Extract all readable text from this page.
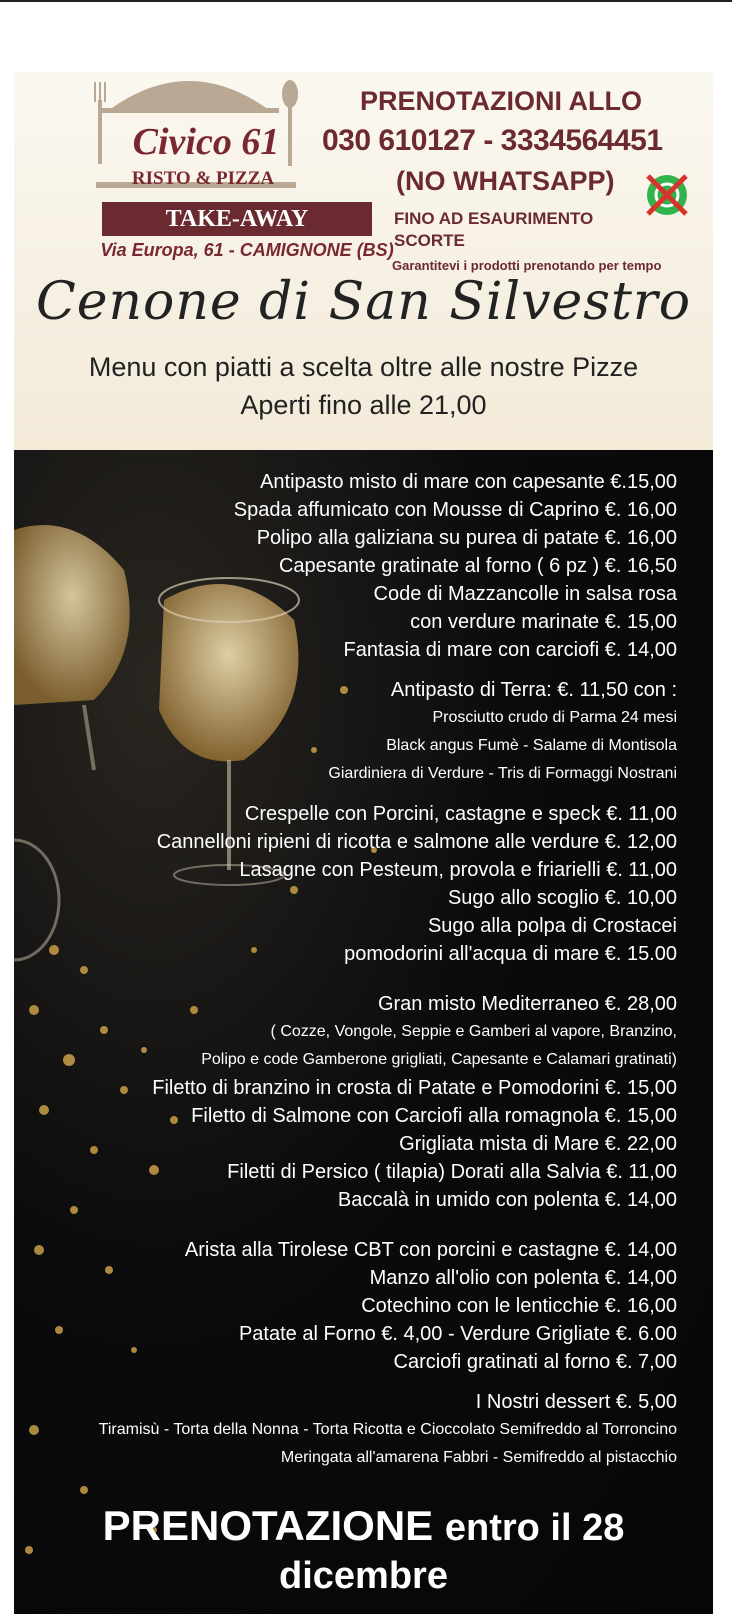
Civico 61
RISTO & PIZZA
TAKE-AWAY
Via Europa, 61 - CAMIGNONE (BS)
PRENOTAZIONI ALLO
030 610127 - 3334564451
(NO WHATSAPP)
FINO AD ESAURIMENTO SCORTE
Garantitevi i prodotti prenotando per tempo
Cenone di San Silvestro
Menu con piatti a scelta oltre alle nostre Pizze
Aperti fino alle 21,00
Antipasto misto di mare con capesante €.15,00
Spada affumicato con Mousse di Caprino €. 16,00
Polipo alla galiziana su purea di patate €. 16,00
Capesante gratinate al forno ( 6 pz ) €. 16,50
Code di Mazzancolle in salsa rosa
con verdure marinate €. 15,00
Fantasia di mare con carciofi €. 14,00
Antipasto di Terra: €. 11,50 con :
Prosciutto crudo di Parma 24 mesi
Black angus Fumè - Salame di Montisola
Giardiniera di Verdure - Tris di Formaggi Nostrani
Crespelle con Porcini, castagne e speck €. 11,00
Cannelloni ripieni di ricotta e salmone alle verdure €. 12,00
Lasagne con Pesteum, provola e friarielli €. 11,00
Sugo allo scoglio €. 10,00
Sugo alla polpa di Crostacei
pomodorini all'acqua di mare €. 15.00
Gran misto Mediterraneo €. 28,00
( Cozze, Vongole, Seppie e Gamberi al vapore, Branzino,
Polipo e code Gamberone grigliati, Capesante e Calamari gratinati)
Filetto di branzino in crosta di Patate e Pomodorini €. 15,00
Filetto di Salmone con Carciofi alla romagnola €. 15,00
Grigliata mista di Mare €. 22,00
Filetti di Persico ( tilapia) Dorati alla Salvia €. 11,00
Baccalà in umido con polenta €. 14,00
Arista alla Tirolese CBT con porcini e castagne €. 14,00
Manzo all'olio con polenta €. 14,00
Cotechino con le lenticchie €. 16,00
Patate al Forno €. 4,00 - Verdure Grigliate €. 6.00
Carciofi gratinati al forno €. 7,00
I Nostri dessert €. 5,00
Tiramisù - Torta della Nonna - Torta Ricotta e Cioccolato Semifreddo al Torroncino
Meringata all'amarena Fabbri - Semifreddo al pistacchio
PRENOTAZIONE entro il 28 dicembre
